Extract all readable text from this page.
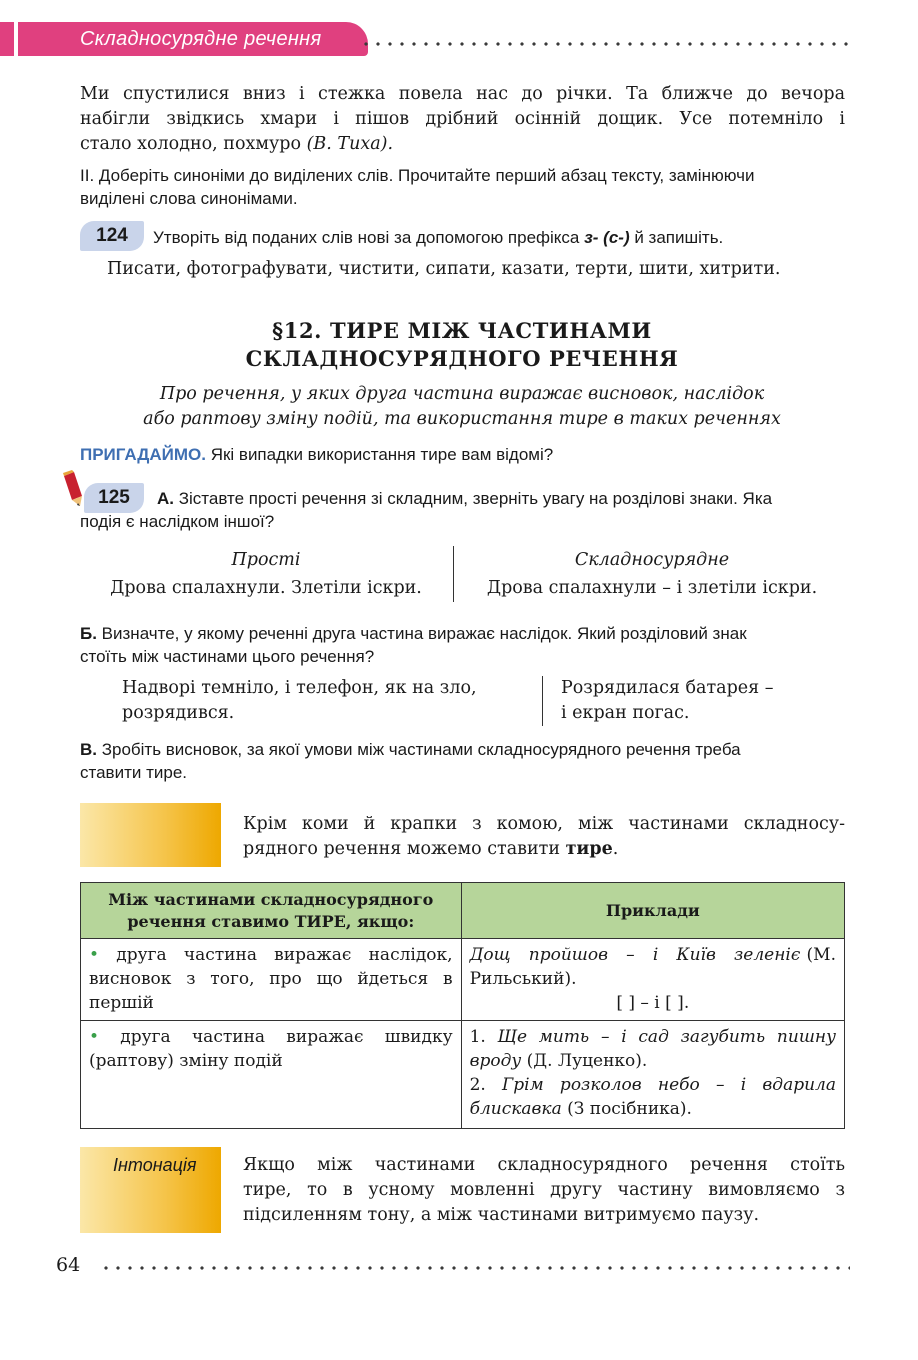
Складносурядне речення
Ми спустилися вниз і стежка повела нас до річки. Та ближче до вечора
набігли звідкись хмари і пішов дрібний осінній дощик. Усе потемніло і
стало холодно, похмуро (В. Тиха).
ІІ. Доберіть синоніми до виділених слів. Прочитайте перший абзац тексту, замінюючи
виділені слова синонімами.
124	Утворіть від поданих слів нові за допомогою префікса з- (с-) й запишіть.
Писати, фотографувати, чистити, сипати, казати, терти, шити, хитрити.
§12. ТИРЕ МІЖ ЧАСТИНАМИ
СКЛАДНОСУРЯДНОГО РЕЧЕННЯ
Про речення, у яких друга частина виражає висновок, наслідок
або раптову зміну подій, та використання тире в таких реченнях
ПРИГАДАЙМО. Які випадки використання тире вам відомі?
125	А. Зіставте прості речення зі складним, зверніть увагу на розділові знаки. Яка
подія є наслідком іншої?
Прості
Дрова спалахнули. Злетіли іскри.
Складносурядне
Дрова спалахнули – і злетіли іскри.
Б. Визначте, у якому реченні друга частина виражає наслідок. Який розділовий знак
стоїть між частинами цього речення?
Надворі темніло, і телефон, як на зло,
розрядився.
Розрядилася батарея –
і екран погас.
В. Зробіть висновок, за якої умови між частинами складносурядного речення треба
ставити тире.
Крім коми й крапки з комою, між частинами складносу-
рядного речення можемо ставити тире.
Між частинами складносурядного
речення ставимо ТИРЕ, якщо:	Приклади
• друга частина виражає наслідок, висновок з того, про що йдеться в першій	Дощ пройшов – і Київ зеленіє (М. Рильський).
[ ] – і [ ].

• друга частина виражає швидку (раптову) зміну подій	1. Ще мить – і сад загубить пишну вроду (Д. Луценко).
2. Грім розколов небо – і вдарила блискавка (З посібника).
Інтонація	Якщо між частинами складносурядного речення стоїть
тире, то в усному мовленні другу частину вимовляємо з
підсиленням тону, а між частинами витримуємо паузу.
64
